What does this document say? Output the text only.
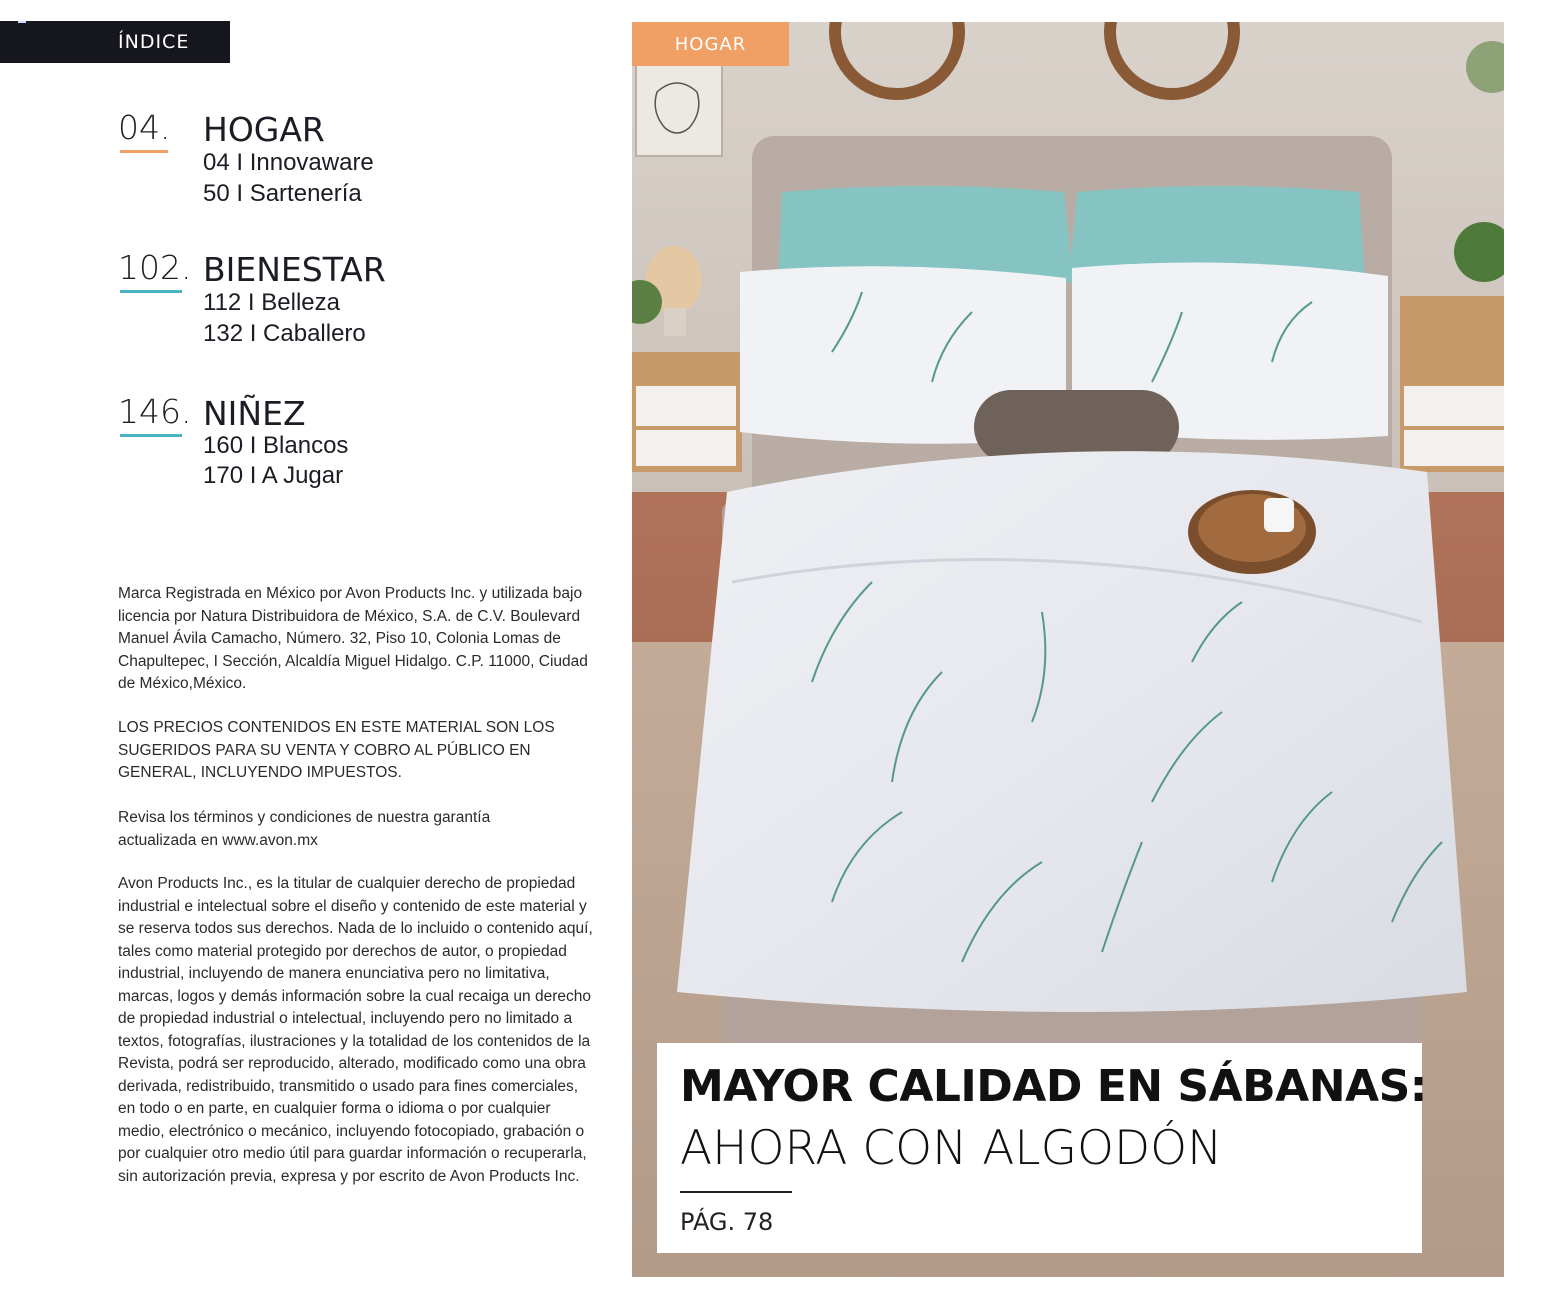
ÍNDICE
04. HOGAR
04 I Innovaware
50 I Sartenería
102. BIENESTAR
112 I Belleza
132 I Caballero
146. NIÑEZ
160 I Blancos
170 I A Jugar
Marca Registrada en México por Avon Products Inc. y utilizada bajo licencia por Natura Distribuidora de México, S.A. de C.V. Boulevard Manuel Ávila Camacho, Número. 32, Piso 10, Colonia Lomas de Chapultepec, I Sección, Alcaldía Miguel Hidalgo. C.P. 11000, Ciudad de México,México.
LOS PRECIOS CONTENIDOS EN ESTE MATERIAL SON LOS SUGERIDOS PARA SU VENTA Y COBRO AL PÚBLICO EN GENERAL, INCLUYENDO IMPUESTOS.
Revisa los términos y condiciones de nuestra garantía actualizada en www.avon.mx
Avon Products Inc., es la titular de cualquier derecho de propiedad industrial e intelectual sobre el diseño y contenido de este material y se reserva todos sus derechos. Nada de lo incluido o contenido aquí, tales como material protegido por derechos de autor, o propiedad industrial, incluyendo de manera enunciativa pero no limitativa, marcas, logos y demás información sobre la cual recaiga un derecho de propiedad industrial o intelectual, incluyendo pero no limitado a textos, fotografías, ilustraciones y la totalidad de los contenidos de la Revista, podrá ser reproducido, alterado, modificado como una obra derivada, redistribuido, transmitido o usado para fines comerciales, en todo o en parte, en cualquier forma o idioma o por cualquier medio, electrónico o mecánico, incluyendo fotocopiado, grabación o por cualquier otro medio útil para guardar información o recuperarla, sin autorización previa, expresa y por escrito de Avon Products Inc.
HOGAR
MAYOR CALIDAD EN SÁBANAS:
AHORA CON ALGODÓN
PÁG. 78
